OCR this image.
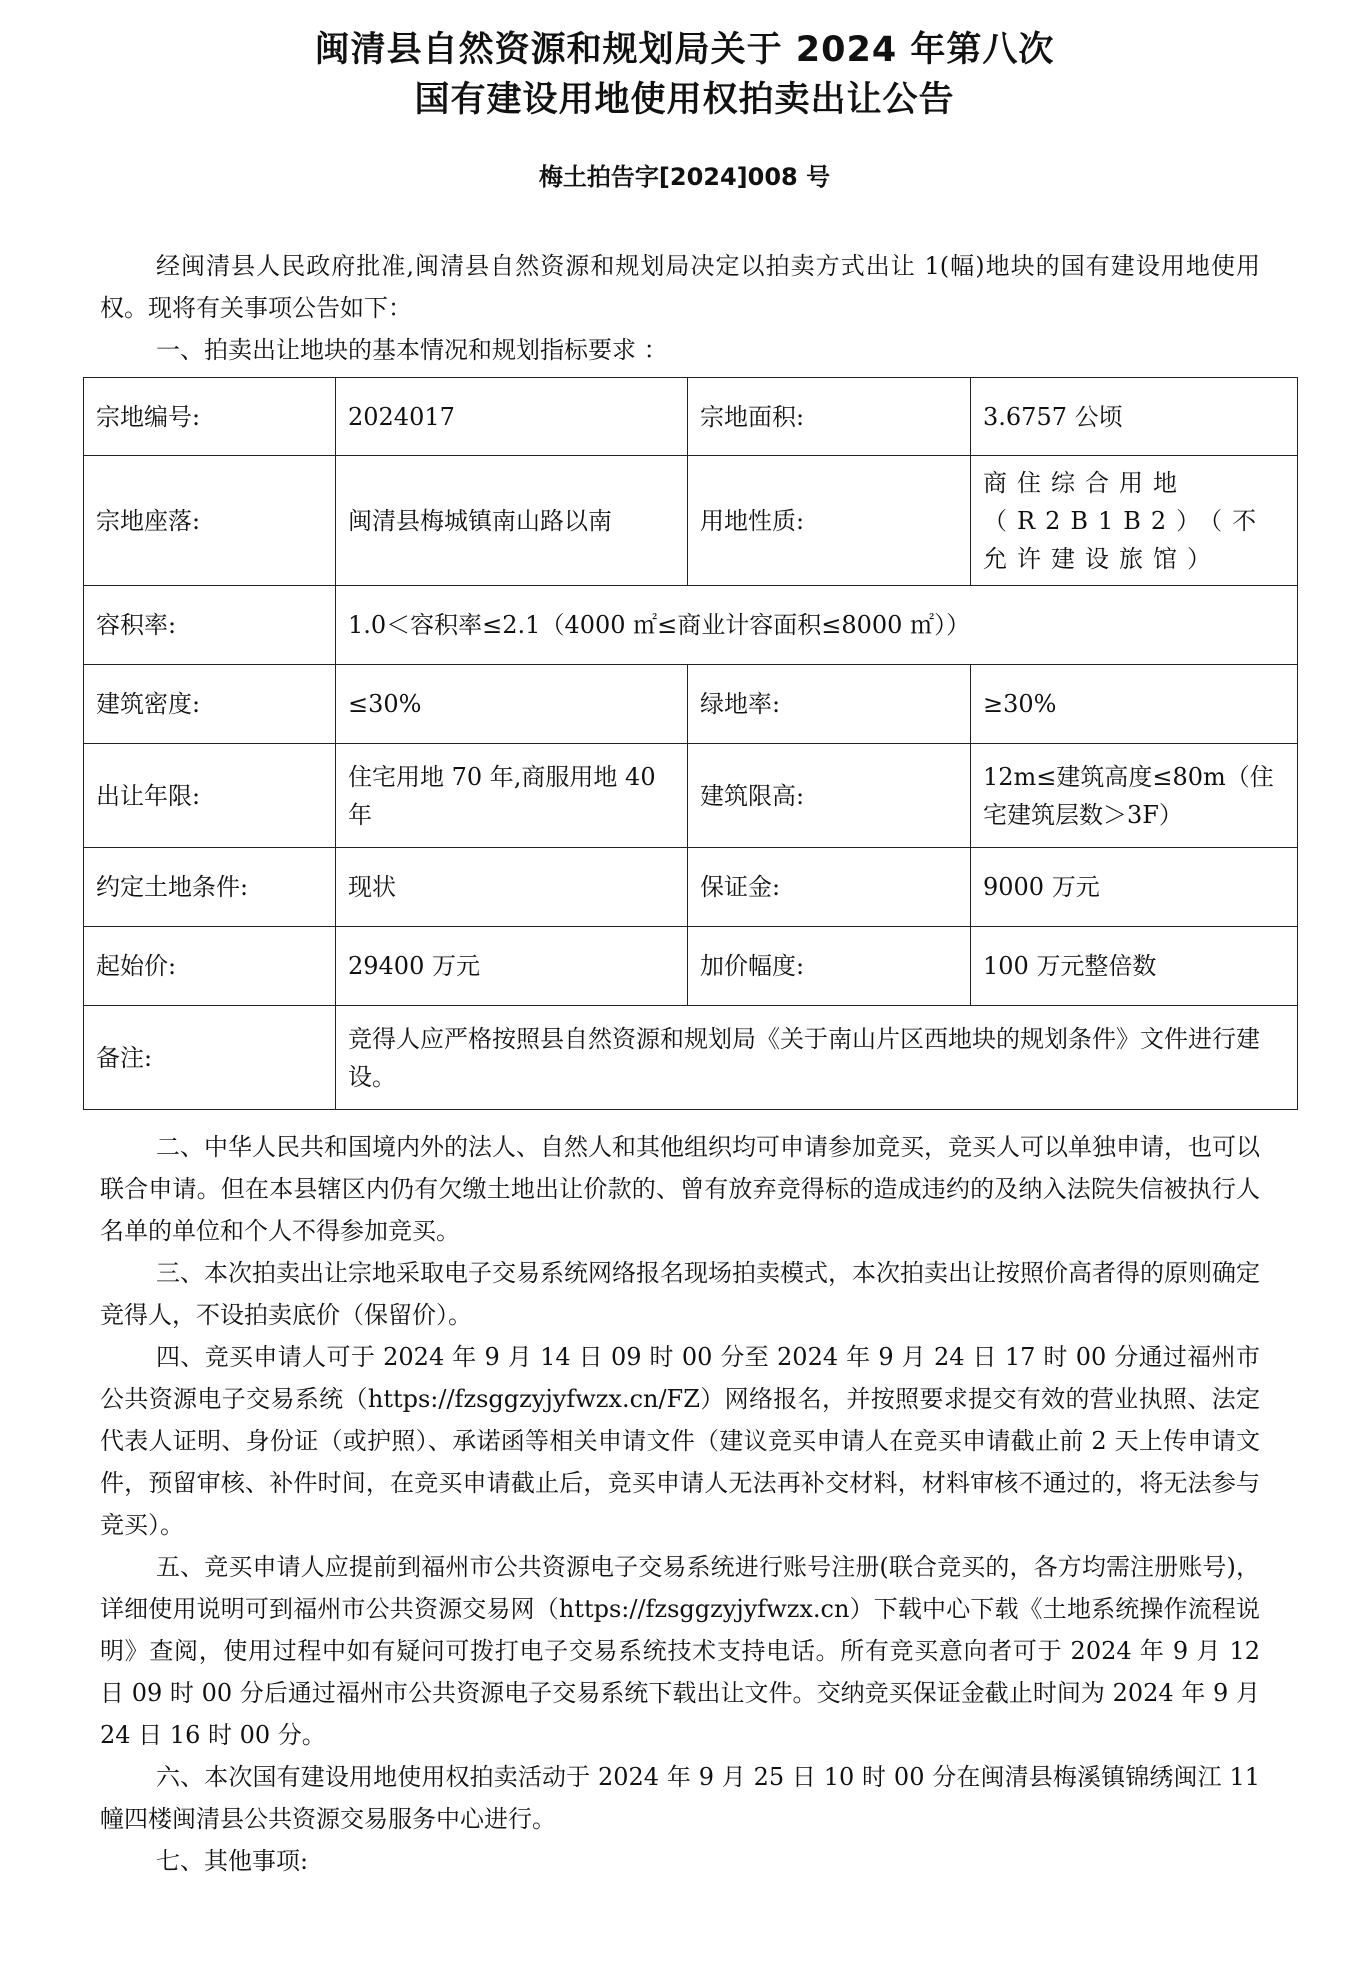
闽清县自然资源和规划局关于 2024 年第八次
国有建设用地使用权拍卖出让公告
梅土拍告字[2024]008 号

经闽清县人民政府批准,闽清县自然资源和规划局决定以拍卖方式出让 1(幅)地块的国有建设用地使用权。现将有关事项公告如下：

一、拍卖出让地块的基本情况和规划指标要求 ：

宗地编号:	2024017	宗地面积:	3.6757 公顷
宗地座落:	闽清县梅城镇南山路以南	用地性质:	商住综合用地（R2B1B2）（不允许建设旅馆）
容积率:	1.0＜容积率≤2.1（4000 ㎡≤商业计容面积≤8000 ㎡））		
建筑密度:	≤30%	绿地率:	≥30%
出让年限:	住宅用地 70 年,商服用地 40 年	建筑限高:	12m≤建筑高度≤80m（住宅建筑层数＞3F）
约定土地条件:	现状	保证金:	9000 万元
起始价:	29400 万元	加价幅度:	100 万元整倍数
备注:	竞得人应严格按照县自然资源和规划局《关于南山片区西地块的规划条件》文件进行建设。		

二、中华人民共和国境内外的法人、自然人和其他组织均可申请参加竞买，竞买人可以单独申请，也可以联合申请。但在本县辖区内仍有欠缴土地出让价款的、曾有放弃竞得标的造成违约的及纳入法院失信被执行人名单的单位和个人不得参加竞买。

三、本次拍卖出让宗地采取电子交易系统网络报名现场拍卖模式，本次拍卖出让按照价高者得的原则确定竞得人，不设拍卖底价（保留价）。

四、竞买申请人可于 2024 年 9 月 14 日 09 时 00 分至 2024 年 9 月 24 日 17 时 00 分通过福州市公共资源电子交易系统（https://fzsggzyjyfwzx.cn/FZ）网络报名，并按照要求提交有效的营业执照、法定代表人证明、身份证（或护照）、承诺函等相关申请文件（建议竞买申请人在竞买申请截止前 2 天上传申请文件，预留审核、补件时间，在竞买申请截止后，竞买申请人无法再补交材料，材料审核不通过的，将无法参与竞买）。

五、竞买申请人应提前到福州市公共资源电子交易系统进行账号注册(联合竞买的，各方均需注册账号)，详细使用说明可到福州市公共资源交易网（https://fzsggzyjyfwzx.cn）下载中心下载《土地系统操作流程说明》查阅，使用过程中如有疑问可拨打电子交易系统技术支持电话。所有竞买意向者可于 2024 年 9 月 12 日 09 时 00 分后通过福州市公共资源电子交易系统下载出让文件。交纳竞买保证金截止时间为 2024 年 9 月 24 日 16 时 00 分。

六、本次国有建设用地使用权拍卖活动于 2024 年 9 月 25 日 10 时 00 分在闽清县梅溪镇锦绣闽江 11 幢四楼闽清县公共资源交易服务中心进行。

七、其他事项:
